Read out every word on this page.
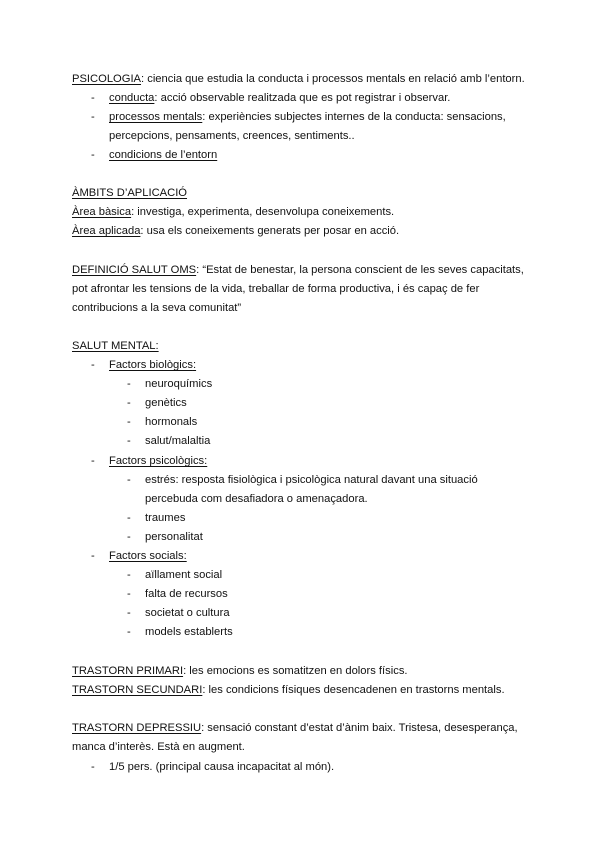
PSICOLOGIA: ciencia que estudia la conducta i processos mentals en relació amb l’entorn.
- conducta: acció observable realitzada que es pot registrar i observar.
- processos mentals: experiències subjectes internes de la conducta: sensacions,
percepcions, pensaments, creences, sentiments..
- condicions de l’entorn
ÀMBITS D’APLICACIÓ
Àrea bàsica: investiga, experimenta, desenvolupa coneixements.
Àrea aplicada: usa els coneixements generats per posar en acció.
DEFINICIÓ SALUT OMS: “Estat de benestar, la persona conscient de les seves capacitats,
pot afrontar les tensions de la vida, treballar de forma productiva, i és capaç de fer
contribucions a la seva comunitat”
SALUT MENTAL:
- Factors biològics:
- neuroquímics
- genètics
- hormonals
- salut/malaltia
- Factors psicològics:
- estrés: resposta fisiològica i psicològica natural davant una situació
percebuda com desafiadora o amenaçadora.
- traumes
- personalitat
- Factors socials:
- aïllament social
- falta de recursos
- societat o cultura
- models establerts
TRASTORN PRIMARI: les emocions es somatitzen en dolors físics.
TRASTORN SECUNDARI: les condicions físiques desencadenen en trastorns mentals.
TRASTORN DEPRESSIU: sensació constant d’estat d’ànim baix. Tristesa, desesperança,
manca d’interès. Està en augment.
- 1/5 pers. (principal causa incapacitat al món).
